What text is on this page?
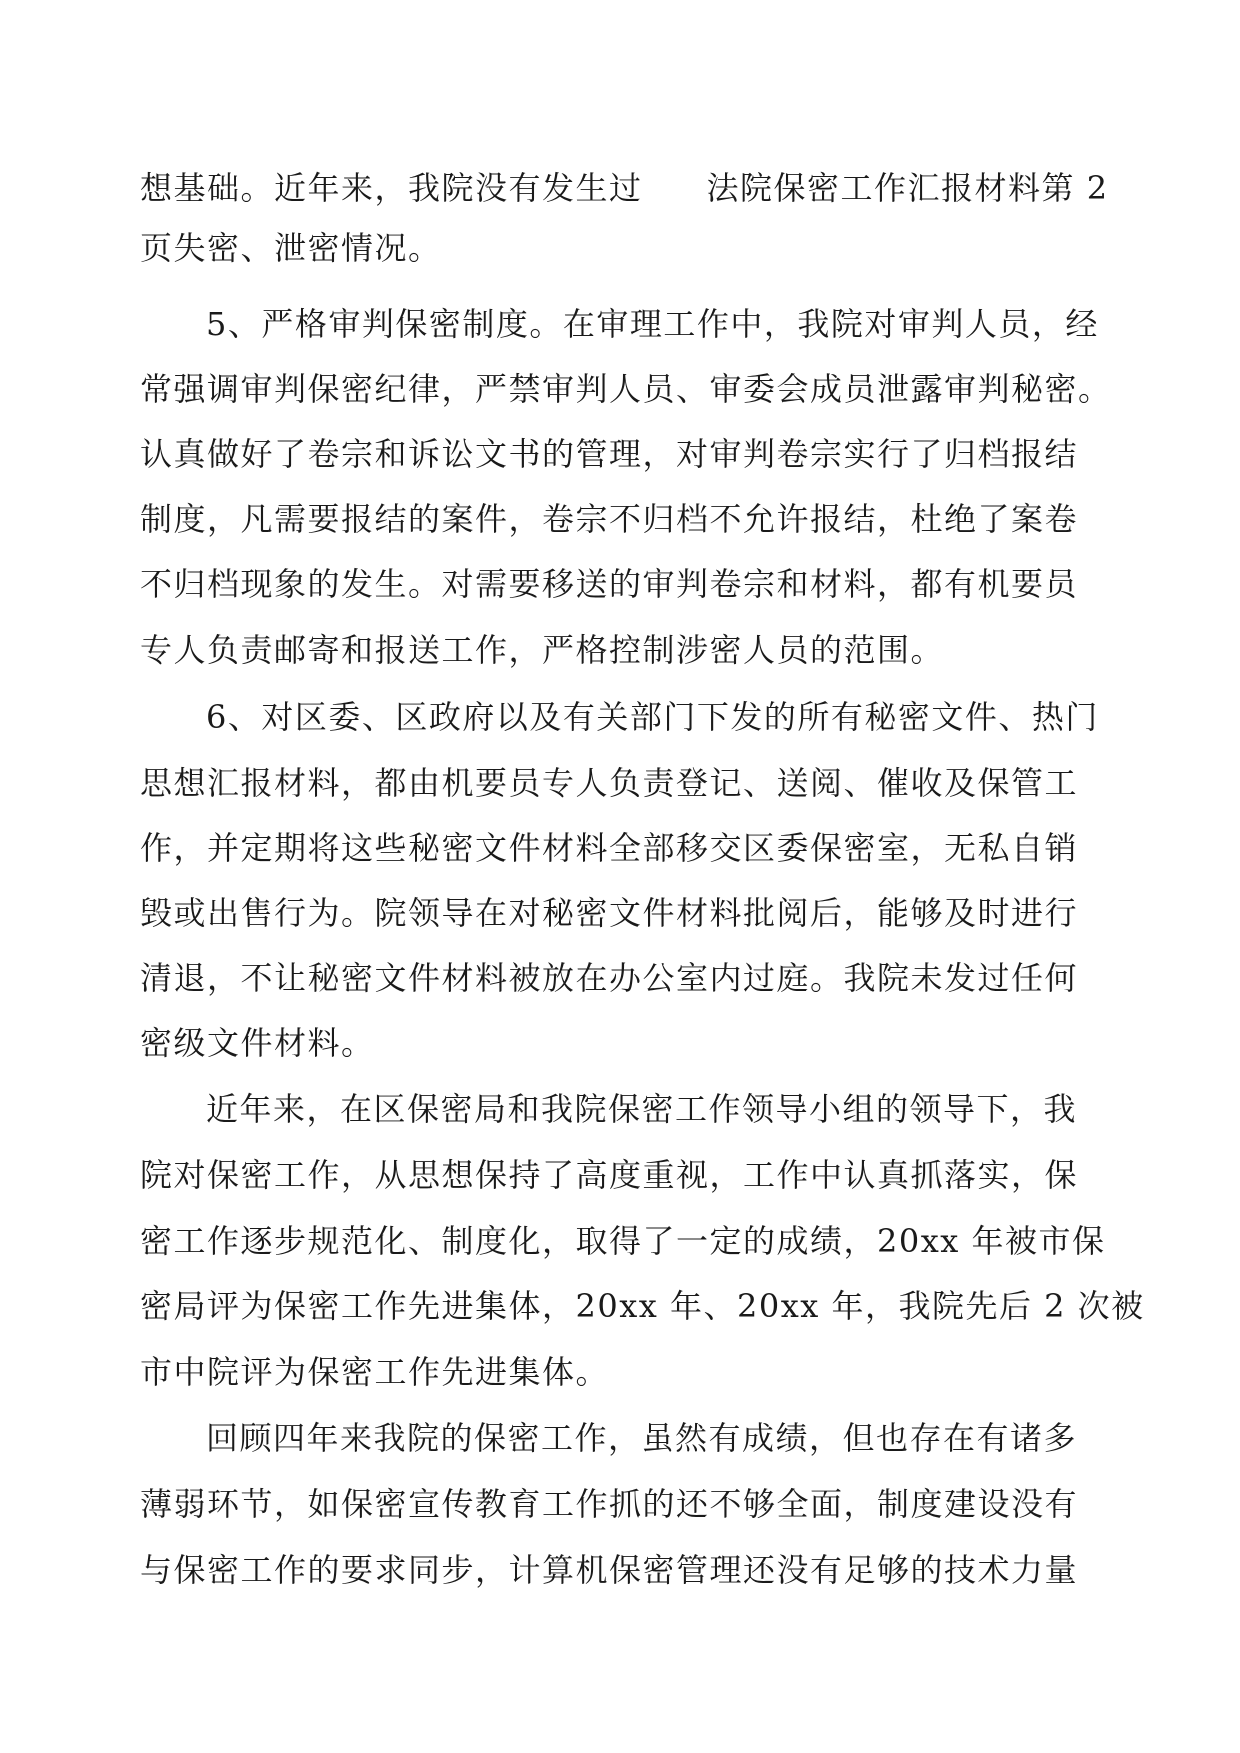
想基础。近年来，我院没有发生过 法院保密工作汇报材料第 2

页失密、泄密情况。

5、严格审判保密制度。在审理工作中，我院对审判人员，经

常强调审判保密纪律，严禁审判人员、审委会成员泄露审判秘密。

认真做好了卷宗和诉讼文书的管理，对审判卷宗实行了归档报结

制度，凡需要报结的案件，卷宗不归档不允许报结，杜绝了案卷

不归档现象的发生。对需要移送的审判卷宗和材料，都有机要员

专人负责邮寄和报送工作，严格控制涉密人员的范围。

6、对区委、区政府以及有关部门下发的所有秘密文件、热门

思想汇报材料，都由机要员专人负责登记、送阅、催收及保管工

作，并定期将这些秘密文件材料全部移交区委保密室，无私自销

毁或出售行为。院领导在对秘密文件材料批阅后，能够及时进行

清退，不让秘密文件材料被放在办公室内过庭。我院未发过任何

密级文件材料。

近年来，在区保密局和我院保密工作领导小组的领导下，我

院对保密工作，从思想保持了高度重视，工作中认真抓落实，保

密工作逐步规范化、制度化，取得了一定的成绩，20xx 年被市保

密局评为保密工作先进集体，20xx 年、20xx 年，我院先后 2 次被

市中院评为保密工作先进集体。

回顾四年来我院的保密工作，虽然有成绩，但也存在有诸多

薄弱环节，如保密宣传教育工作抓的还不够全面，制度建设没有

与保密工作的要求同步，计算机保密管理还没有足够的技术力量
